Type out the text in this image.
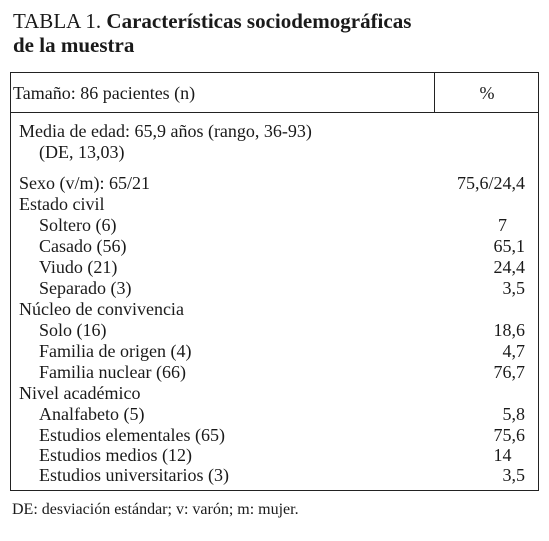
TABLA 1. Características sociodemográficas
de la muestra
Tamaño: 86 pacientes (n)	%
Media de edad: 65,9 años (rango, 36-93)
(DE, 13,03)
Sexo (v/m): 65/21	75,6/24,4
Estado civil
Soltero (6)	7
Casado (56)	65,1
Viudo (21)	24,4
Separado (3)	3,5
Núcleo de convivencia
Solo (16)	18,6
Familia de origen (4)	4,7
Familia nuclear (66)	76,7
Nivel académico
Analfabeto (5)	5,8
Estudios elementales (65)	75,6
Estudios medios (12)	14
Estudios universitarios (3)	3,5
DE: desviación estándar; v: varón; m: mujer.
